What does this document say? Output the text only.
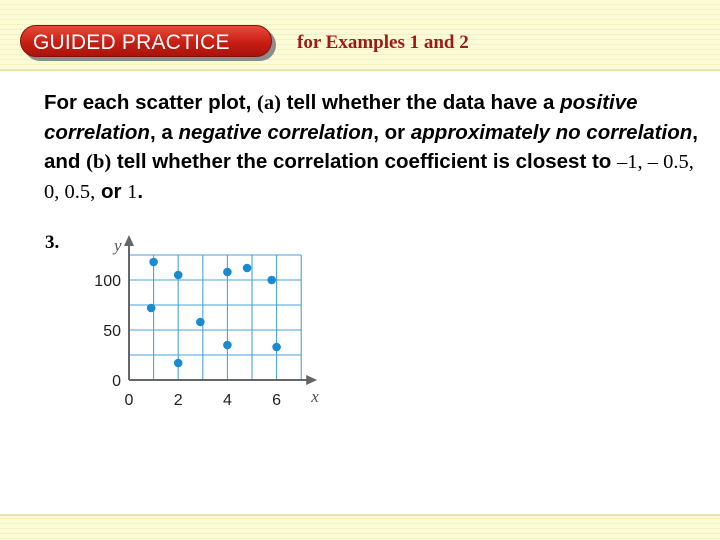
GUIDED PRACTICE	for Examples 1 and 2
For each scatter plot, (a) tell whether the data have a positive correlation, a negative correlation, or approximately no correlation, and (b) tell whether the correlation coefficient is closest to –1, – 0.5, 0, 0.5, or 1.
3.
x
y
0	2	4	6
0
50
100
